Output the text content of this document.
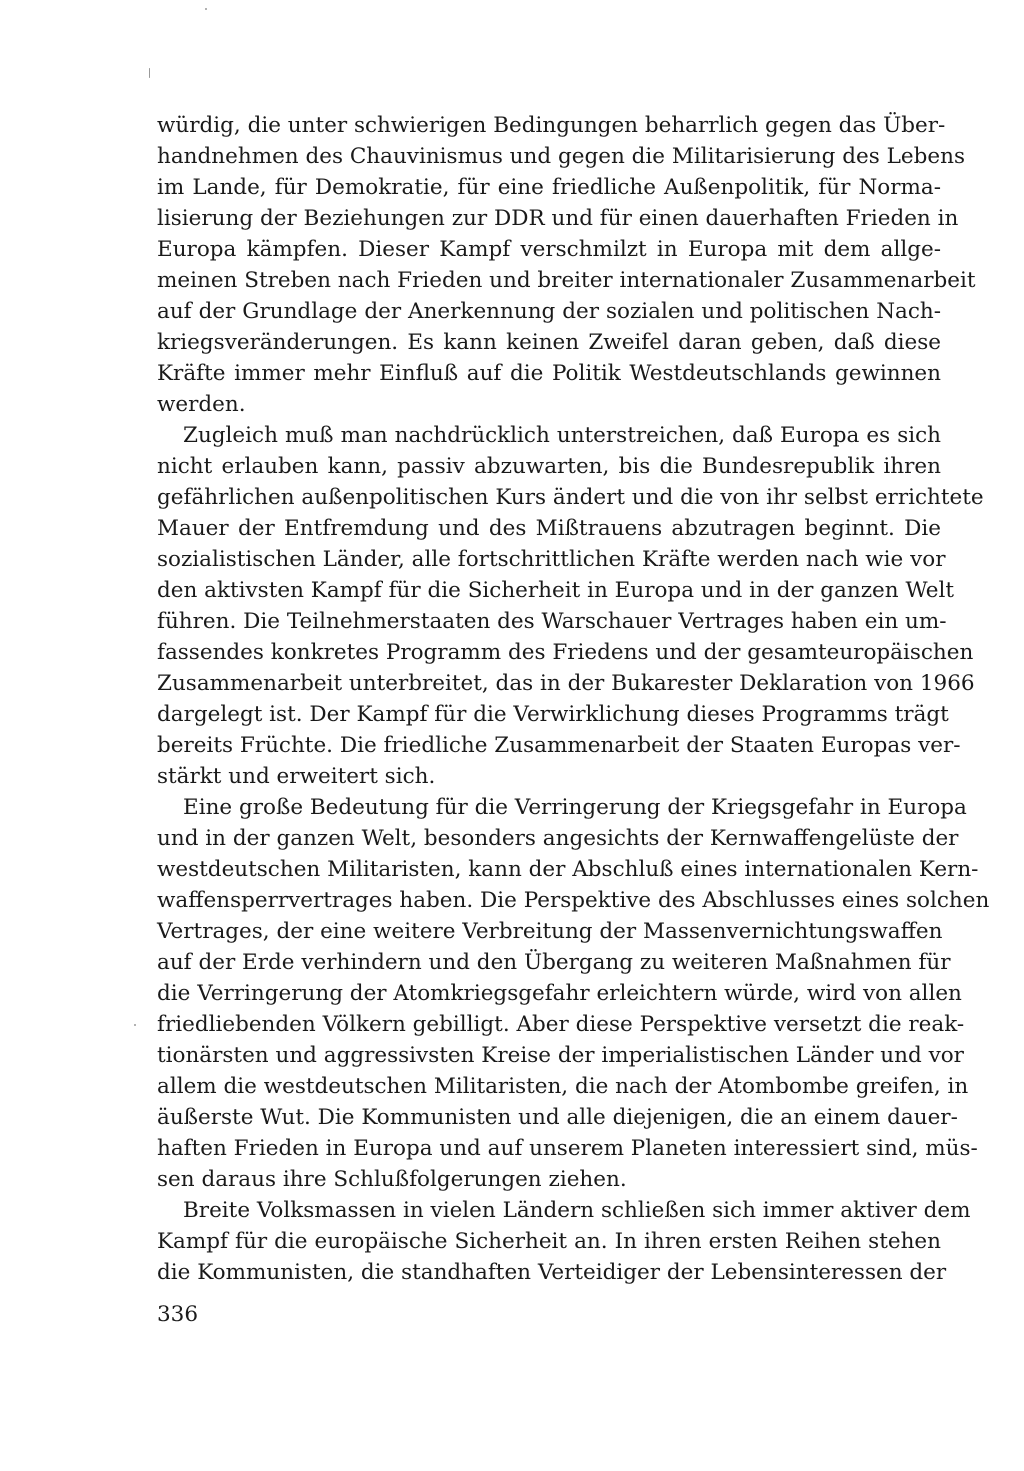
würdig, die unter schwierigen Bedingungen beharrlich gegen das Über-
handnehmen des Chauvinismus und gegen die Militarisierung des Lebens
im Lande, für Demokratie, für eine friedliche Außenpolitik, für Norma-
lisierung der Beziehungen zur DDR und für einen dauerhaften Frieden in
Europa kämpfen. Dieser Kampf verschmilzt in Europa mit dem allge-
meinen Streben nach Frieden und breiter internationaler Zusammenarbeit
auf der Grundlage der Anerkennung der sozialen und politischen Nach-
kriegsveränderungen. Es kann keinen Zweifel daran geben, daß diese
Kräfte immer mehr Einfluß auf die Politik Westdeutschlands gewinnen
werden.
Zugleich muß man nachdrücklich unterstreichen, daß Europa es sich
nicht erlauben kann, passiv abzuwarten, bis die Bundesrepublik ihren
gefährlichen außenpolitischen Kurs ändert und die von ihr selbst errichtete
Mauer der Entfremdung und des Mißtrauens abzutragen beginnt. Die
sozialistischen Länder, alle fortschrittlichen Kräfte werden nach wie vor
den aktivsten Kampf für die Sicherheit in Europa und in der ganzen Welt
führen. Die Teilnehmerstaaten des Warschauer Vertrages haben ein um-
fassendes konkretes Programm des Friedens und der gesamteuropäischen
Zusammenarbeit unterbreitet, das in der Bukarester Deklaration von 1966
dargelegt ist. Der Kampf für die Verwirklichung dieses Programms trägt
bereits Früchte. Die friedliche Zusammenarbeit der Staaten Europas ver-
stärkt und erweitert sich.
Eine große Bedeutung für die Verringerung der Kriegsgefahr in Europa
und in der ganzen Welt, besonders angesichts der Kernwaffengelüste der
westdeutschen Militaristen, kann der Abschluß eines internationalen Kern-
waffensperrvertrages haben. Die Perspektive des Abschlusses eines solchen
Vertrages, der eine weitere Verbreitung der Massenvernichtungswaffen
auf der Erde verhindern und den Übergang zu weiteren Maßnahmen für
die Verringerung der Atomkriegsgefahr erleichtern würde, wird von allen
friedliebenden Völkern gebilligt. Aber diese Perspektive versetzt die reak-
tionärsten und aggressivsten Kreise der imperialistischen Länder und vor
allem die westdeutschen Militaristen, die nach der Atombombe greifen, in
äußerste Wut. Die Kommunisten und alle diejenigen, die an einem dauer-
haften Frieden in Europa und auf unserem Planeten interessiert sind, müs-
sen daraus ihre Schlußfolgerungen ziehen.
Breite Volksmassen in vielen Ländern schließen sich immer aktiver dem
Kampf für die europäische Sicherheit an. In ihren ersten Reihen stehen
die Kommunisten, die standhaften Verteidiger der Lebensinteressen der
336
